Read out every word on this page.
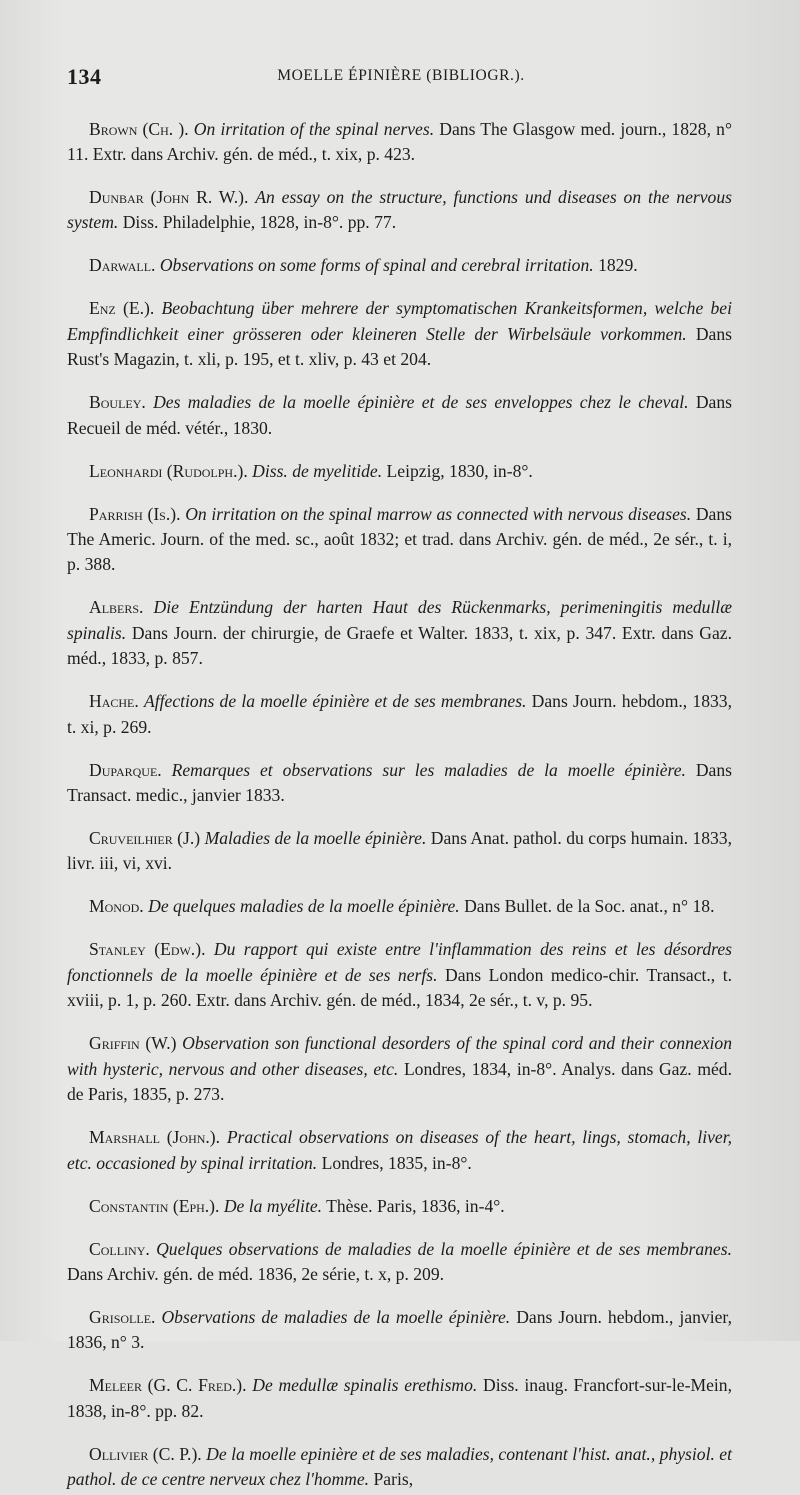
134	MOELLE ÉPINIÈRE (BIBLIOGR.).

Brown (Ch. ). On irritation of the spinal nerves. Dans The Glasgow med. journ., 1828, n° 11. Extr. dans Archiv. gén. de méd., t. xix, p. 423.

Dunbar (John R. W.). An essay on the structure, functions und diseases on the nervous system. Diss. Philadelphie, 1828, in-8°. pp. 77.

Darwall. Observations on some forms of spinal and cerebral irritation. 1829.

Enz (E.). Beobachtung über mehrere der symptomatischen Krankeitsformen, welche bei Empfindlichkeit einer grösseren oder kleineren Stelle der Wirbelsäule vorkommen. Dans Rust's Magazin, t. xli, p. 195, et t. xliv, p. 43 et 204.

Bouley. Des maladies de la moelle épinière et de ses enveloppes chez le cheval. Dans Recueil de méd. vétér., 1830.

Leonhardi (Rudolph.). Diss. de myelitide. Leipzig, 1830, in-8°.

Parrish (Is.). On irritation on the spinal marrow as connected with nervous diseases. Dans The Americ. Journ. of the med. sc., août 1832; et trad. dans Archiv. gén. de méd., 2e sér., t. i, p. 388.

Albers. Die Entzündung der harten Haut des Rückenmarks, perimeningitis medullæ spinalis. Dans Journ. der chirurgie, de Graefe et Walter. 1833, t. xix, p. 347. Extr. dans Gaz. méd., 1833, p. 857.

Hache. Affections de la moelle épinière et de ses membranes. Dans Journ. hebdom., 1833, t. xi, p. 269.

Duparque. Remarques et observations sur les maladies de la moelle épinière. Dans Transact. medic., janvier 1833.

Cruveilhier (J.) Maladies de la moelle épinière. Dans Anat. pathol. du corps humain. 1833, livr. iii, vi, xvi.

Monod. De quelques maladies de la moelle épinière. Dans Bullet. de la Soc. anat., n° 18.

Stanley (Edw.). Du rapport qui existe entre l'inflammation des reins et les désordres fonctionnels de la moelle épinière et de ses nerfs. Dans London medico-chir. Transact., t. xviii, p. 1, p. 260. Extr. dans Archiv. gén. de méd., 1834, 2e sér., t. v, p. 95.

Griffin (W.) Observation son functional desorders of the spinal cord and their connexion with hysteric, nervous and other diseases, etc. Londres, 1834, in-8°. Analys. dans Gaz. méd. de Paris, 1835, p. 273.

Marshall (John.). Practical observations on diseases of the heart, lings, stomach, liver, etc. occasioned by spinal irritation. Londres, 1835, in-8°.

Constantin (Eph.). De la myélite. Thèse. Paris, 1836, in-4°.

Colliny. Quelques observations de maladies de la moelle épinière et de ses membranes. Dans Archiv. gén. de méd. 1836, 2e série, t. x, p. 209.

Grisolle. Observations de maladies de la moelle épinière. Dans Journ. hebdom., janvier, 1836, n° 3.

Meleer (G. C. Fred.). De medullæ spinalis erethismo. Diss. inaug. Francfort-sur-le-Mein, 1838, in-8°. pp. 82.

Ollivier (C. P.). De la moelle epinière et de ses maladies, contenant l'hist. anat., physiol. et pathol. de ce centre nerveux chez l'homme. Paris,
